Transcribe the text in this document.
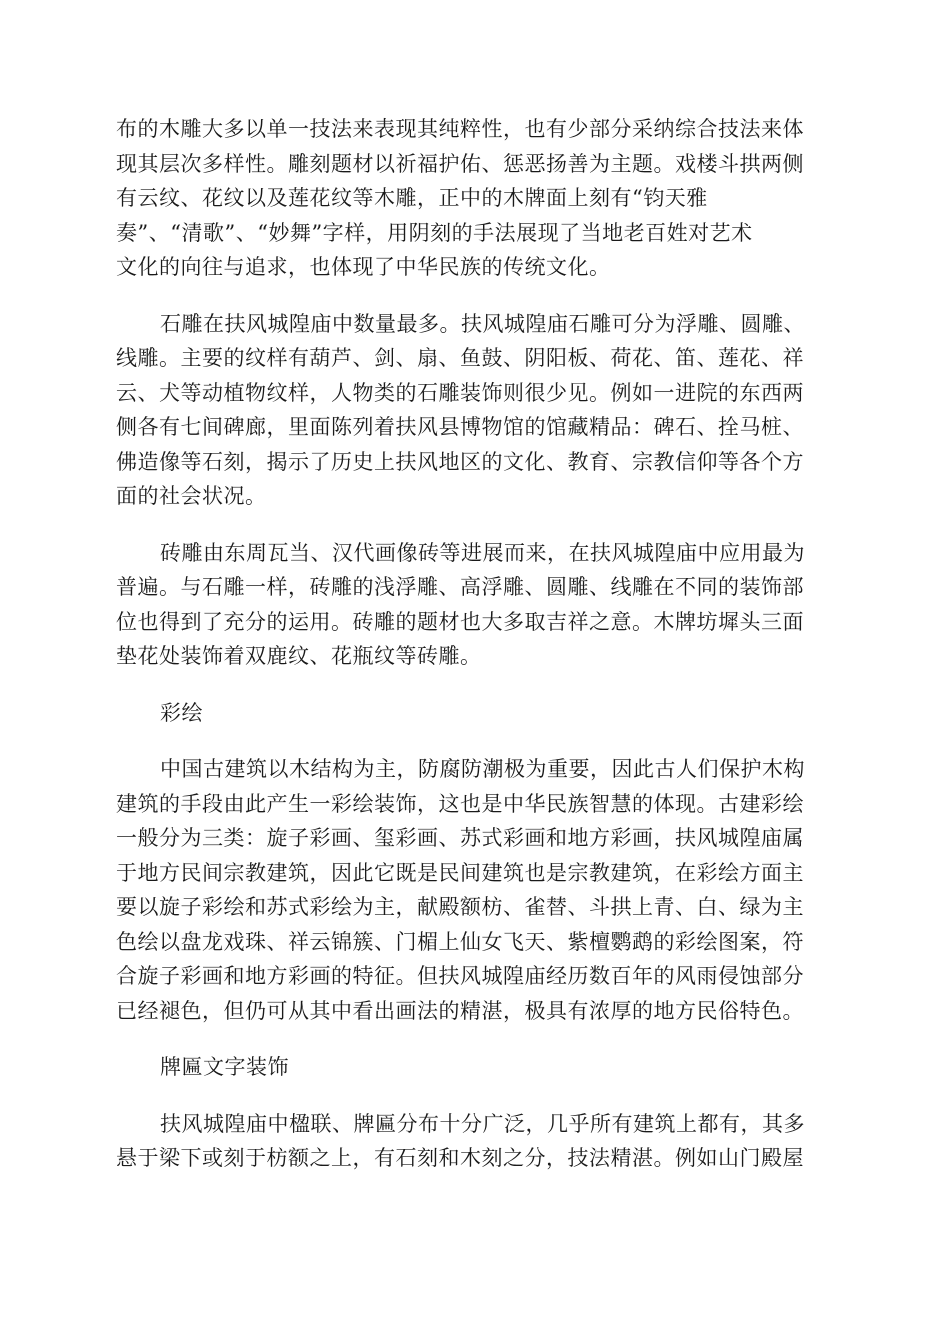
布的木雕大多以单一技法来表现其纯粹性，也有少部分采纳综合技法来体
现其层次多样性。雕刻题材以祈福护佑、惩恶扬善为主题。戏楼斗拱两侧
有云纹、花纹以及莲花纹等木雕，正中的木牌面上刻有“钧天雅
奏”、“清歌”、“妙舞”字样，用阴刻的手法展现了当地老百姓对艺术
文化的向往与追求，也体现了中华民族的传统文化。

石雕在扶风城隍庙中数量最多。扶风城隍庙石雕可分为浮雕、圆雕、
线雕。主要的纹样有葫芦、剑、扇、鱼鼓、阴阳板、荷花、笛、莲花、祥
云、犬等动植物纹样，人物类的石雕装饰则很少见。例如一进院的东西两
侧各有七间碑廊，里面陈列着扶风县博物馆的馆藏精品：碑石、拴马桩、
佛造像等石刻，揭示了历史上扶风地区的文化、教育、宗教信仰等各个方
面的社会状况。

砖雕由东周瓦当、汉代画像砖等进展而来，在扶风城隍庙中应用最为
普遍。与石雕一样，砖雕的浅浮雕、高浮雕、圆雕、线雕在不同的装饰部
位也得到了充分的运用。砖雕的题材也大多取吉祥之意。木牌坊墀头三面
垫花处装饰着双鹿纹、花瓶纹等砖雕。

彩绘

中国古建筑以木结构为主，防腐防潮极为重要，因此古人们保护木构
建筑的手段由此产生一彩绘装饰，这也是中华民族智慧的体现。古建彩绘
一般分为三类：旋子彩画、玺彩画、苏式彩画和地方彩画，扶风城隍庙属
于地方民间宗教建筑，因此它既是民间建筑也是宗教建筑，在彩绘方面主
要以旋子彩绘和苏式彩绘为主，献殿额枋、雀替、斗拱上青、白、绿为主
色绘以盘龙戏珠、祥云锦簇、门楣上仙女飞天、紫檀鹦鹉的彩绘图案，符
合旋子彩画和地方彩画的特征。但扶风城隍庙经历数百年的风雨侵蚀部分
已经褪色，但仍可从其中看出画法的精湛，极具有浓厚的地方民俗特色。

牌匾文字装饰

扶风城隍庙中楹联、牌匾分布十分广泛，几乎所有建筑上都有，其多
悬于梁下或刻于枋额之上，有石刻和木刻之分，技法精湛。例如山门殿屋
